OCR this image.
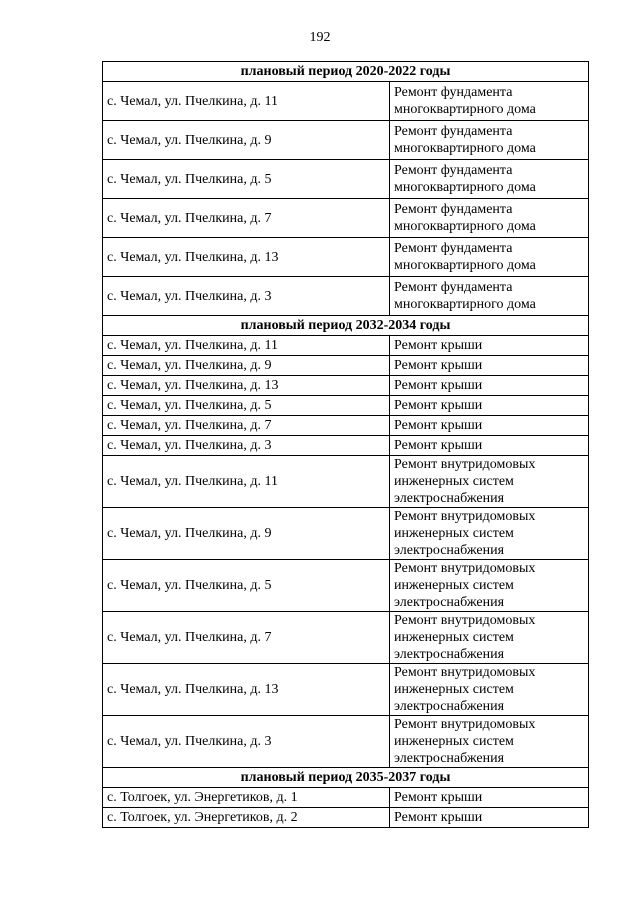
192
плановый период 2020-2022 годы	
с. Чемал, ул. Пчелкина, д. 11	Ремонт фундамента
многоквартирного дома

с. Чемал, ул. Пчелкина, д. 9	Ремонт фундамента
многоквартирного дома

с. Чемал, ул. Пчелкина, д. 5	Ремонт фундамента
многоквартирного дома

с. Чемал, ул. Пчелкина, д. 7	Ремонт фундамента
многоквартирного дома

с. Чемал, ул. Пчелкина, д. 13	Ремонт фундамента
многоквартирного дома

с. Чемал, ул. Пчелкина, д. 3	Ремонт фундамента
многоквартирного дома

плановый период 2032-2034 годы	
с. Чемал, ул. Пчелкина, д. 11	Ремонт крыши

с. Чемал, ул. Пчелкина, д. 9	Ремонт крыши

с. Чемал, ул. Пчелкина, д. 13	Ремонт крыши

с. Чемал, ул. Пчелкина, д. 5	Ремонт крыши

с. Чемал, ул. Пчелкина, д. 7	Ремонт крыши

с. Чемал, ул. Пчелкина, д. 3	Ремонт крыши

с. Чемал, ул. Пчелкина, д. 11	Ремонт внутридомовых
инженерных систем
электроснабжения

с. Чемал, ул. Пчелкина, д. 9	Ремонт внутридомовых
инженерных систем
электроснабжения

с. Чемал, ул. Пчелкина, д. 5	Ремонт внутридомовых
инженерных систем
электроснабжения

с. Чемал, ул. Пчелкина, д. 7	Ремонт внутридомовых
инженерных систем
электроснабжения

с. Чемал, ул. Пчелкина, д. 13	Ремонт внутридомовых
инженерных систем
электроснабжения

с. Чемал, ул. Пчелкина, д. 3	Ремонт внутридомовых
инженерных систем
электроснабжения

плановый период 2035-2037 годы	
с. Толгоек, ул. Энергетиков, д. 1	Ремонт крыши

с. Толгоек, ул. Энергетиков, д. 2	Ремонт крыши
